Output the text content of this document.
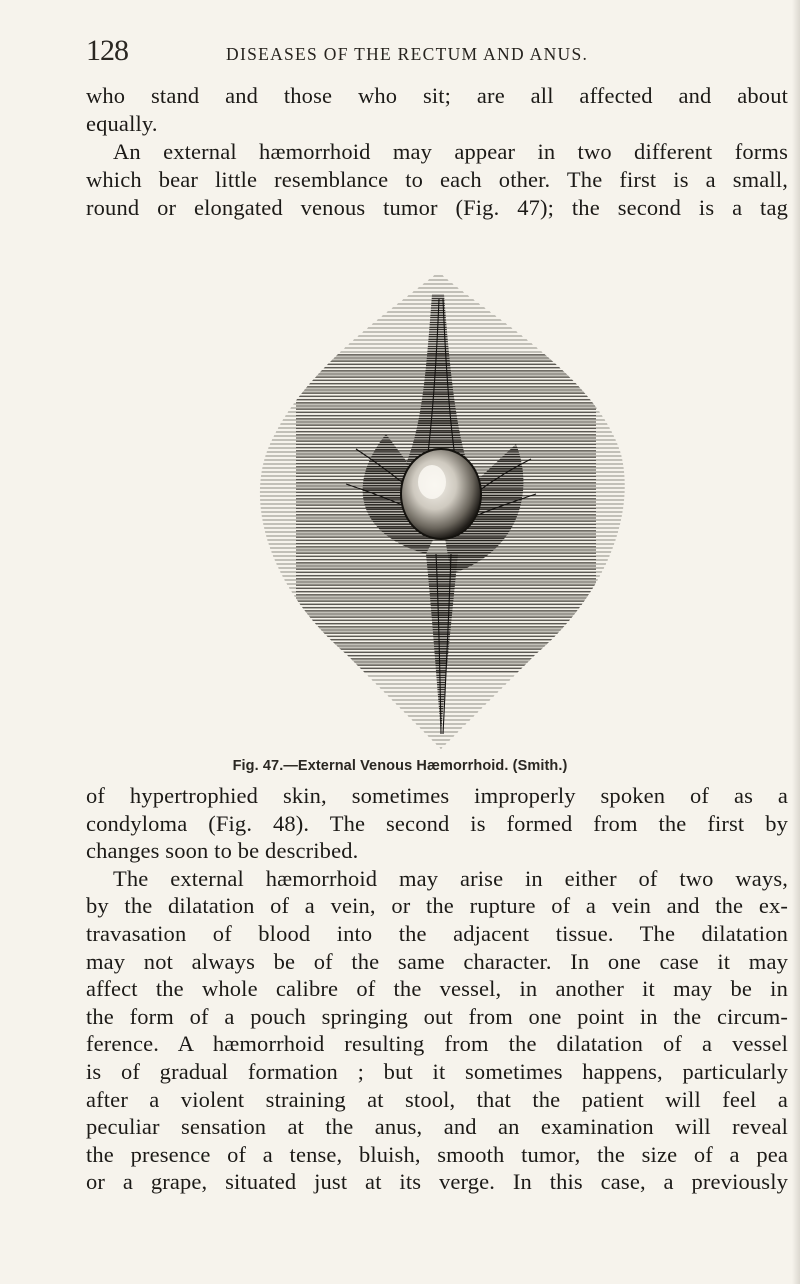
128	DISEASES OF THE RECTUM AND ANUS.
who stand and those who sit; are all affected and about
equally.
An external hæmorrhoid may appear in two different forms
which bear little resemblance to each other. The first is a small,
round or elongated venous tumor (Fig. 47); the second is a tag
Fig. 47.—External Venous Hæmorrhoid. (Smith.)
of hypertrophied skin, sometimes improperly spoken of as a
condyloma (Fig. 48). The second is formed from the first by
changes soon to be described.
The external hæmorrhoid may arise in either of two ways,
by the dilatation of a vein, or the rupture of a vein and the ex-
travasation of blood into the adjacent tissue. The dilatation
may not always be of the same character. In one case it may
affect the whole calibre of the vessel, in another it may be in
the form of a pouch springing out from one point in the circum-
ference. A hæmorrhoid resulting from the dilatation of a vessel
is of gradual formation ; but it sometimes happens, particularly
after a violent straining at stool, that the patient will feel a
peculiar sensation at the anus, and an examination will reveal
the presence of a tense, bluish, smooth tumor, the size of a pea
or a grape, situated just at its verge. In this case, a previously
